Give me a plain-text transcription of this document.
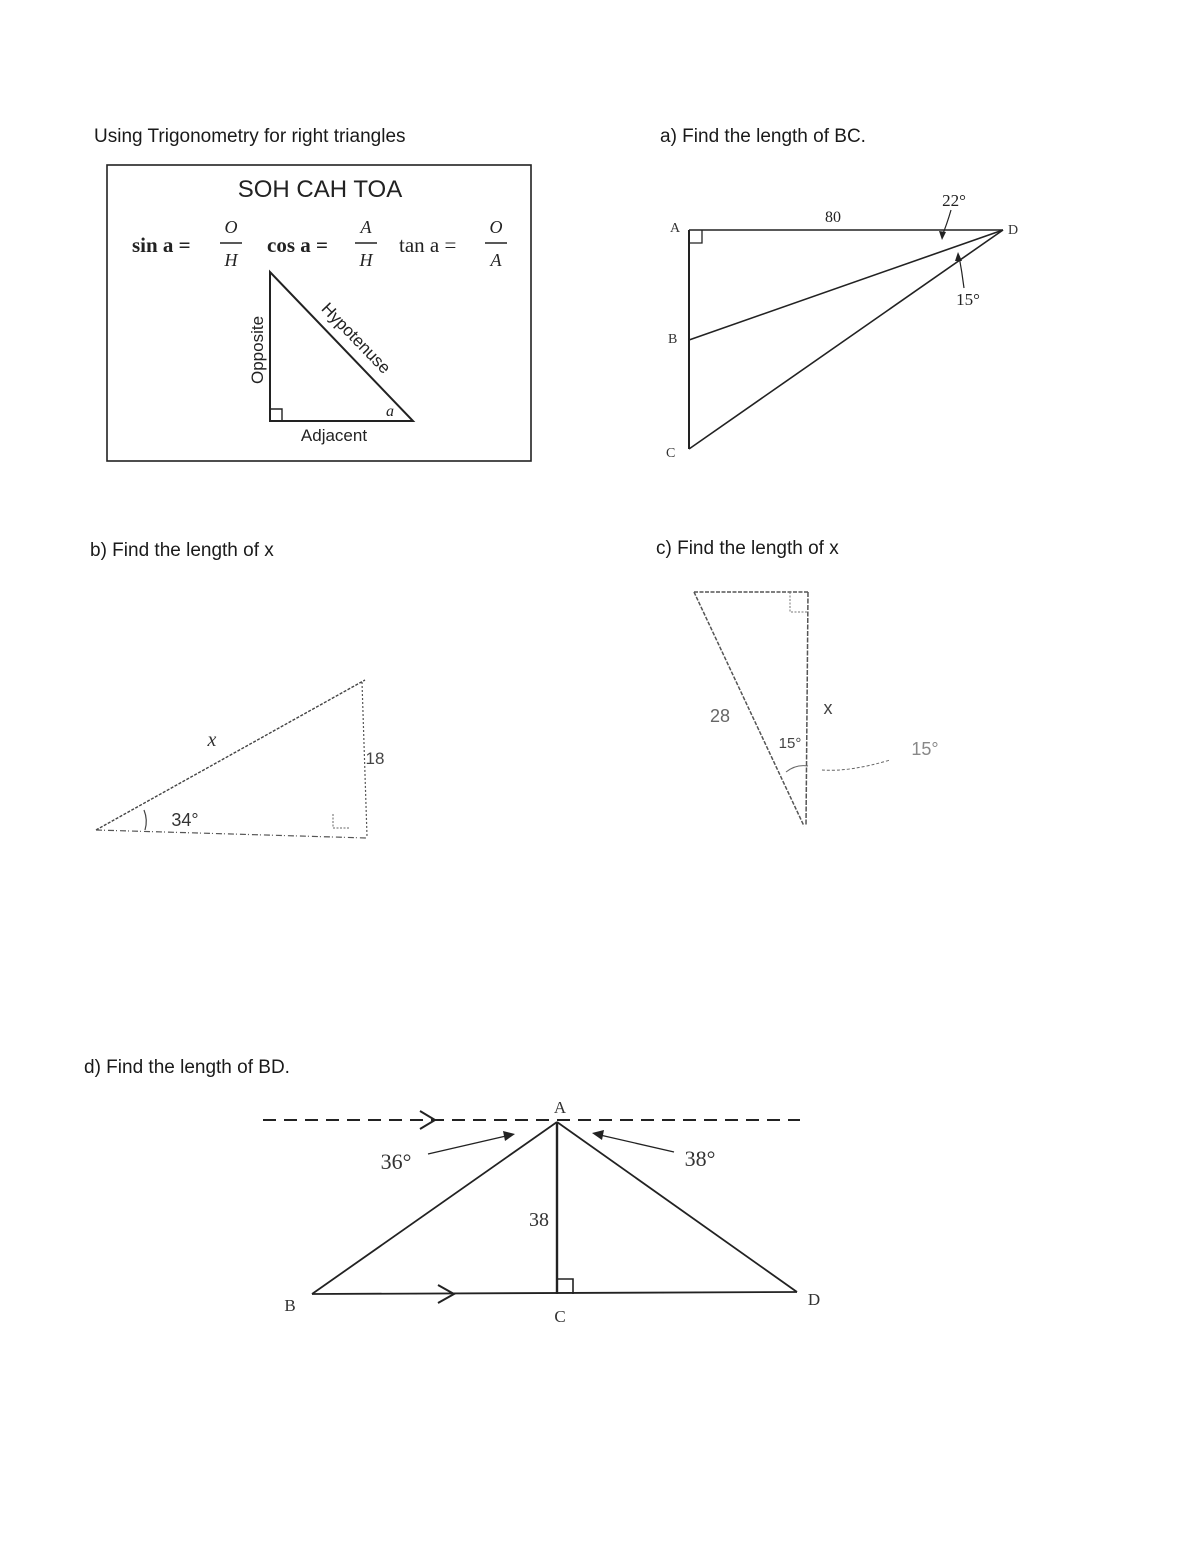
Using Trigonometry for right triangles	a) Find the length of BC.
b) Find the length of x	c) Find the length of x
d) Find the length of BD.
SOH CAH TOA
sin a =
O
H
cos a =
A
H
tan a =
O
A
Opposite	Hypotenuse
Adjacent
a
A
B
C
D
80
22°
15°
x
34°
18
28
15°
x
15°
A
B
C
D
36°	38°
38
